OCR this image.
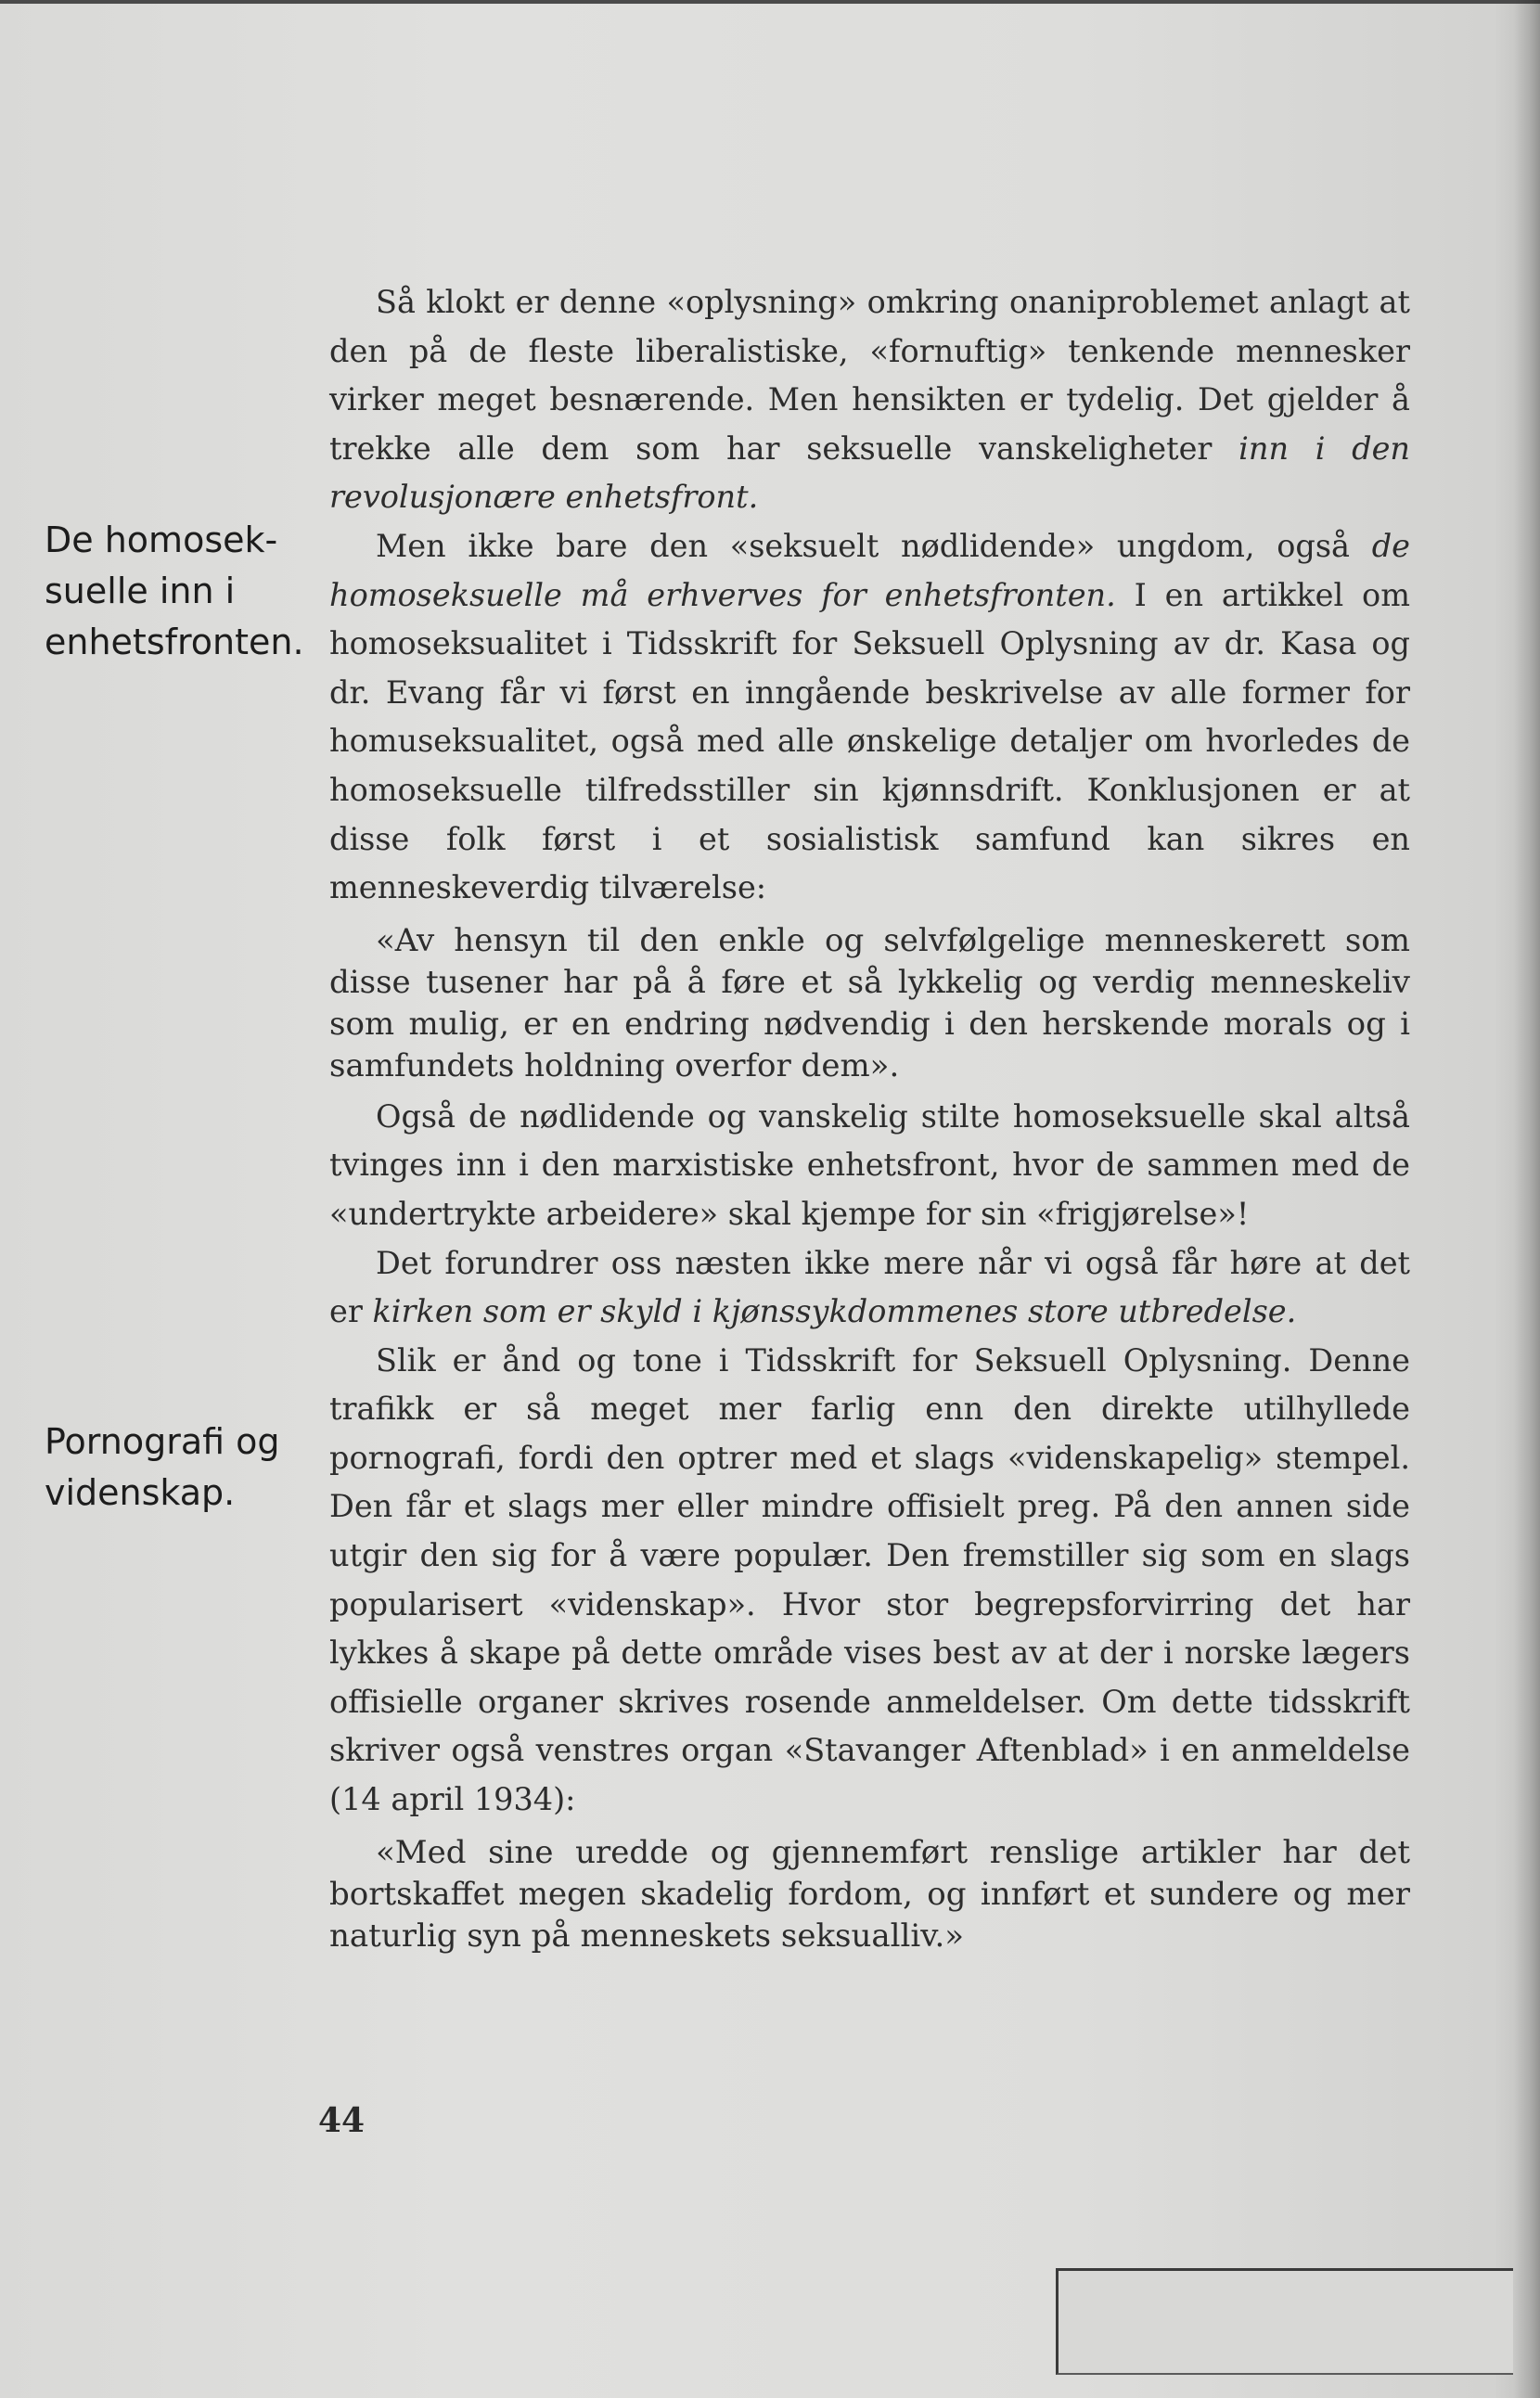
De homosek-
suelle inn i
enhetsfronten.
Pornografi og
videnskap.

Så klokt er denne «oplysning» omkring onaniproblemet anlagt at den på de fleste liberalistiske, «fornuftig» tenkende mennesker virker meget besnærende. Men hensikten er tydelig. Det gjelder å trekke alle dem som har seksuelle vanskeligheter inn i den revolusjonære enhetsfront.

Men ikke bare den «seksuelt nødlidende» ungdom, også de homoseksuelle må erhverves for enhetsfronten. I en artikkel om homoseksualitet i Tidsskrift for Seksuell Oplysning av dr. Kasa og dr. Evang får vi først en inngående beskrivelse av alle former for homuseksualitet, også med alle ønskelige detaljer om hvorledes de homoseksuelle tilfredsstiller sin kjønnsdrift. Konklusjonen er at disse folk først i et sosialistisk samfund kan sikres en menneskeverdig tilværelse:

«Av hensyn til den enkle og selvfølgelige menneskerett som disse tusener har på å føre et så lykkelig og verdig menneskeliv som mulig, er en endring nødvendig i den herskende morals og i samfundets holdning overfor dem».

Også de nødlidende og vanskelig stilte homoseksuelle skal altså tvinges inn i den marxistiske enhetsfront, hvor de sammen med de «undertrykte arbeidere» skal kjempe for sin «frigjørelse»!

Det forundrer oss næsten ikke mere når vi også får høre at det er kirken som er skyld i kjønssykdommenes store utbredelse.

Slik er ånd og tone i Tidsskrift for Seksuell Oplysning. Denne trafikk er så meget mer farlig enn den direkte utilhyllede pornografi, fordi den optrer med et slags «videnskapelig» stempel. Den får et slags mer eller mindre offisielt preg. På den annen side utgir den sig for å være populær. Den fremstiller sig som en slags popularisert «videnskap». Hvor stor begrepsforvirring det har lykkes å skape på dette område vises best av at der i norske lægers offisielle organer skrives rosende anmeldelser. Om dette tidsskrift skriver også venstres organ «Stavanger Aftenblad» i en anmeldelse (14 april 1934):

«Med sine uredde og gjennemført renslige artikler har det bortskaffet megen skadelig fordom, og innført et sundere og mer naturlig syn på menneskets seksualliv.»

44
